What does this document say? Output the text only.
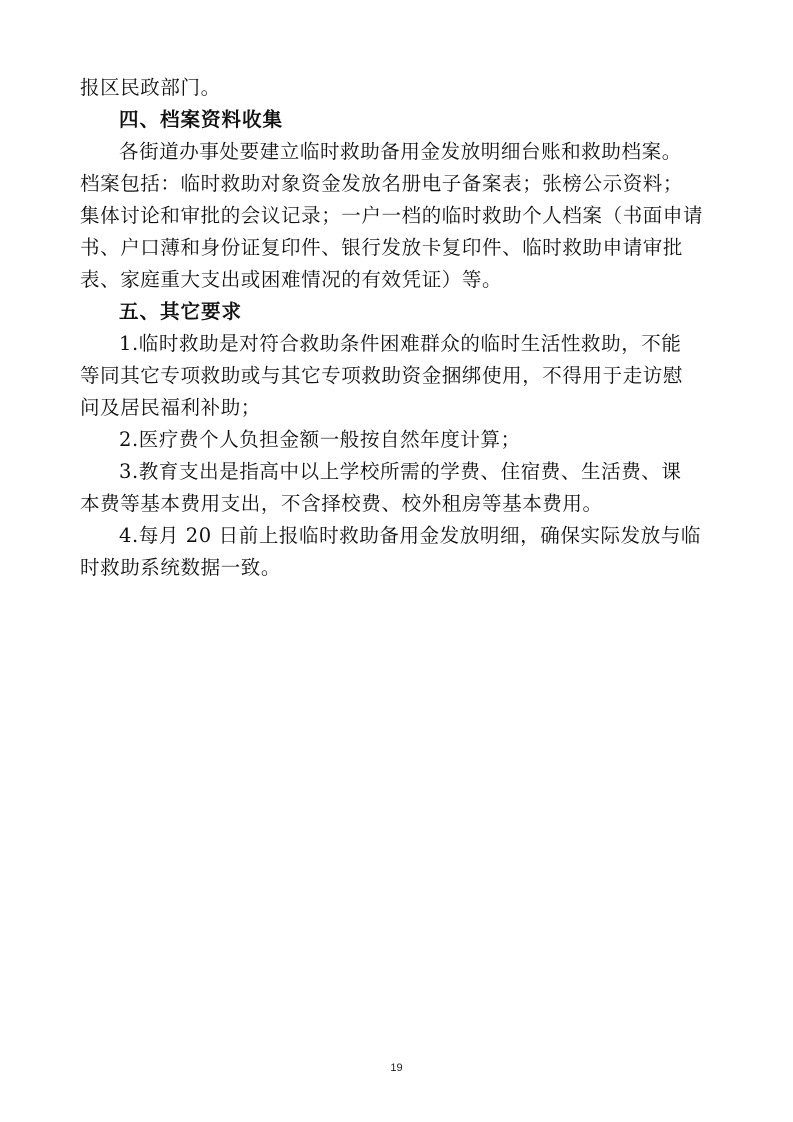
报区民政部门。
四、档案资料收集
各街道办事处要建立临时救助备用金发放明细台账和救助档案。
档案包括：临时救助对象资金发放名册电子备案表；张榜公示资料；
集体讨论和审批的会议记录；一户一档的临时救助个人档案（书面申请
书、户口薄和身份证复印件、银行发放卡复印件、临时救助申请审批
表、家庭重大支出或困难情况的有效凭证）等。
五、其它要求
1.临时救助是对符合救助条件困难群众的临时生活性救助，不能
等同其它专项救助或与其它专项救助资金捆绑使用，不得用于走访慰
问及居民福利补助；
2.医疗费个人负担金额一般按自然年度计算；
3.教育支出是指高中以上学校所需的学费、住宿费、生活费、课
本费等基本费用支出，不含择校费、校外租房等基本费用。
4.每月 20 日前上报临时救助备用金发放明细，确保实际发放与临
时救助系统数据一致。
19
